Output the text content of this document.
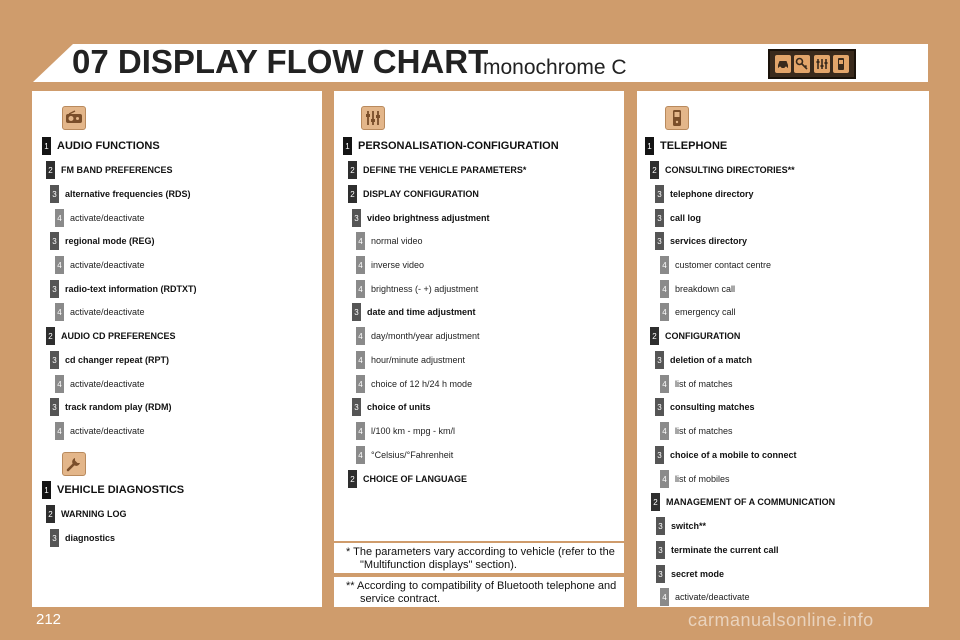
07 DISPLAY FLOW CHART
monochrome C
1 AUDIO FUNCTIONS
2 FM BAND PREFERENCES
3 alternative frequencies (RDS)
4 activate/deactivate
3 regional mode (REG)
4 activate/deactivate
3 radio-text information (RDTXT)
4 activate/deactivate
2 AUDIO CD PREFERENCES
3 cd changer repeat (RPT)
4 activate/deactivate
3 track random play (RDM)
4 activate/deactivate
1 VEHICLE DIAGNOSTICS
2 WARNING LOG
3 diagnostics
1 PERSONALISATION-CONFIGURATION
2 DEFINE THE VEHICLE PARAMETERS*
2 DISPLAY CONFIGURATION
3 video brightness adjustment
4 normal video
4 inverse video
4 brightness (- +) adjustment
3 date and time adjustment
4 day/month/year adjustment
4 hour/minute adjustment
4 choice of 12 h/24 h mode
3 choice of units
4 l/100 km - mpg - km/l
4 °Celsius/°Fahrenheit
2 CHOICE OF LANGUAGE
* The parameters vary according to vehicle (refer to the "Multifunction displays" section).
** According to compatibility of Bluetooth telephone and service contract.
1 TELEPHONE
2 CONSULTING DIRECTORIES**
3 telephone directory
3 call log
3 services directory
4 customer contact centre
4 breakdown call
4 emergency call
2 CONFIGURATION
3 deletion of a match
4 list of matches
3 consulting matches
4 list of matches
3 choice of a mobile to connect
4 list of mobiles
2 MANAGEMENT OF A COMMUNICATION
3 switch**
3 terminate the current call
3 secret mode
4 activate/deactivate
212	carmanualsonline.info
